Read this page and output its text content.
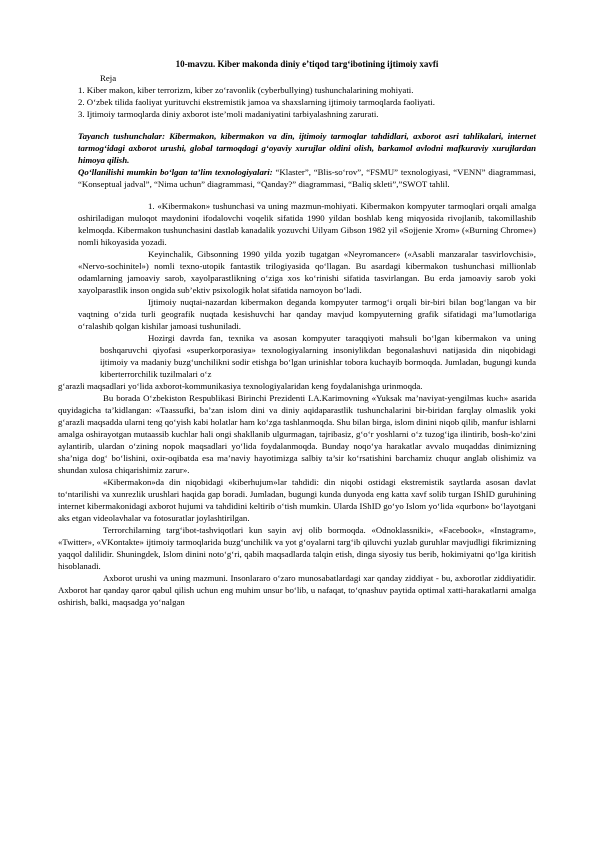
10-mavzu. Kiber makonda diniy e’tiqod targ‘ibotining ijtimoiy xavfi

Reja

1. Kiber makon, kiber terrorizm, kiber zo‘ravonlik (cyberbullying) tushunchalarining mohiyati.

2. O‘zbek tilida faoliyat yurituvchi ekstremistik jamoa va shaxslarning ijtimoiy tarmoqlarda faoliyati.

3. Ijtimoiy tarmoqlarda diniy axborot iste’moli madaniyatini tarbiyalashning zarurati.

Tayanch tushunchalar: Kibermakon, kibermakon va din, ijtimoiy tarmoqlar tahdidlari, axborot asri tahlikalari, internet tarmog‘idagi axborot urushi, global tarmoqdagi g‘oyaviy xurujlar oldini olish, barkamol avlodni mafkuraviy xurujlardan himoya qilish.

Qo‘llanilishi mumkin bo‘lgan ta’lim texnologiyalari: “Klaster”, “Blis-so‘rov”, “FSMU” texnologiyasi, “VENN” diagrammasi, “Konseptual jadval”, “Nima uchun” diagrammasi, “Qanday?” diagrammasi, “Baliq skleti”,”SWOT tahlil.

1. «Kibermakon» tushunchasi va uning mazmun-mohiyati. Kibermakon kompyuter tarmoqlari orqali amalga oshiriladigan muloqot maydonini ifodalovchi voqelik sifatida 1990 yildan boshlab keng miqyosida rivojlanib, takomillashib kelmoqda. Kibermakon tushunchasini dastlab kanadalik yozuvchi Uilyam Gibson 1982 yil «Sojjenie Xrom» («Burning Chrome») nomli hikoyasida yozadi.

Keyinchalik, Gibsonning 1990 yilda yozib tugatgan «Neyromancer» («Asabli manzaralar tasvirlovchisi», «Nervo-sochinitel») nomli texno-utopik fantastik trilogiyasida qo‘llagan. Bu asardagi kibermakon tushunchasi millionlab odamlarning jamoaviy sarob, xayolparastlikning o‘ziga xos ko‘rinishi sifatida tasvirlangan. Bu erda jamoaviy sarob yoki xayolparastlik inson ongida sub’ektiv psixologik holat sifatida namoyon bo‘ladi.

Ijtimoiy nuqtai-nazardan kibermakon deganda kompyuter tarmog‘i orqali bir-biri bilan bog‘langan va bir vaqtning o‘zida turli geografik nuqtada kesishuvchi har qanday mavjud kompyuterning grafik sifatidagi ma’lumotlariga o‘ralashib qolgan kishilar jamoasi tushuniladi.

Hozirgi davrda fan, texnika va asosan kompyuter taraqqiyoti mahsuli bo‘lgan kibermakon va uning boshqaruvchi qiyofasi «superkorporasiya» texnologiyalarning insoniylikdan begonalashuvi natijasida din niqobidagi ijtimoiy va madaniy buzg‘unchilikni sodir etishga bo‘lgan urinishlar tobora kuchayib bormoqda. Jumladan, bugungi kunda kiberterrorchilik tuzilmalari o‘z

g‘arazli maqsadlari yo‘lida axborot-kommunikasiya texnologiyalaridan keng foydalanishga urinmoqda.

Bu borada O‘zbekiston Respublikasi Birinchi Prezidenti I.A.Karimovning «Yuksak ma’naviyat-yengilmas kuch» asarida quyidagicha ta’kidlangan: «Taassufki, ba’zan islom dini va diniy aqidaparastlik tushunchalarini bir-biridan farqlay olmaslik yoki g‘arazli maqsadda ularni teng qo‘yish kabi holatlar ham ko‘zga tashlanmoqda. Shu bilan birga, islom dinini niqob qilib, manfur ishlarni amalga oshirayotgan mutaassib kuchlar hali ongi shakllanib ulgurmagan, tajribasiz, g‘o‘r yoshlarni o‘z tuzog‘iga ilintirib, bosh-ko‘zini aylantirib, ulardan o‘zining nopok maqsadlari yo‘lida foydalanmoqda. Bunday noqo‘ya harakatlar avvalo muqaddas dinimizning sha’niga dog‘ bo‘lishini, oxir-oqibatda esa ma’naviy hayotimizga salbiy ta’sir ko‘rsatishini barchamiz chuqur anglab olishimiz va shundan xulosa chiqarishimiz zarur».

«Kibermakon»da din niqobidagi «kiberhujum»lar tahdidi: din niqobi ostidagi ekstremistik saytlarda asosan davlat to‘ntarilishi va xunrezlik urushlari haqida gap boradi. Jumladan, bugungi kunda dunyoda eng katta xavf solib turgan IShID guruhining internet kibermakonidagi axborot hujumi va tahdidini keltirib o‘tish mumkin. Ularda IShID go‘yo Islom yo‘lida «qurbon» bo‘layotgani aks etgan videolavhalar va fotosuratlar joylashtirilgan.

Terrorchilarning targ‘ibot-tashviqotlari kun sayin avj olib bormoqda. «Odnoklassniki», «Facebook», «Instagram», «Twitter», «VKontakte» ijtimoiy tarmoqlarida buzg‘unchilik va yot g‘oyalarni targ‘ib qiluvchi yuzlab guruhlar mavjudligi fikrimizning yaqqol dalilidir. Shuningdek, Islom dinini noto‘g‘ri, qabih maqsadlarda talqin etish, dinga siyosiy tus berib, hokimiyatni qo‘lga kiritish hisoblanadi.

Axborot urushi va uning mazmuni. Insonlararo o‘zaro munosabatlardagi xar qanday ziddiyat - bu, axborotlar ziddiyatidir. Axborot har qanday qaror qabul qilish uchun eng muhim unsur bo‘lib, u nafaqat, to‘qnashuv paytida optimal xatti-harakatlarni amalga oshirish, balki, maqsadga yo‘nalgan
